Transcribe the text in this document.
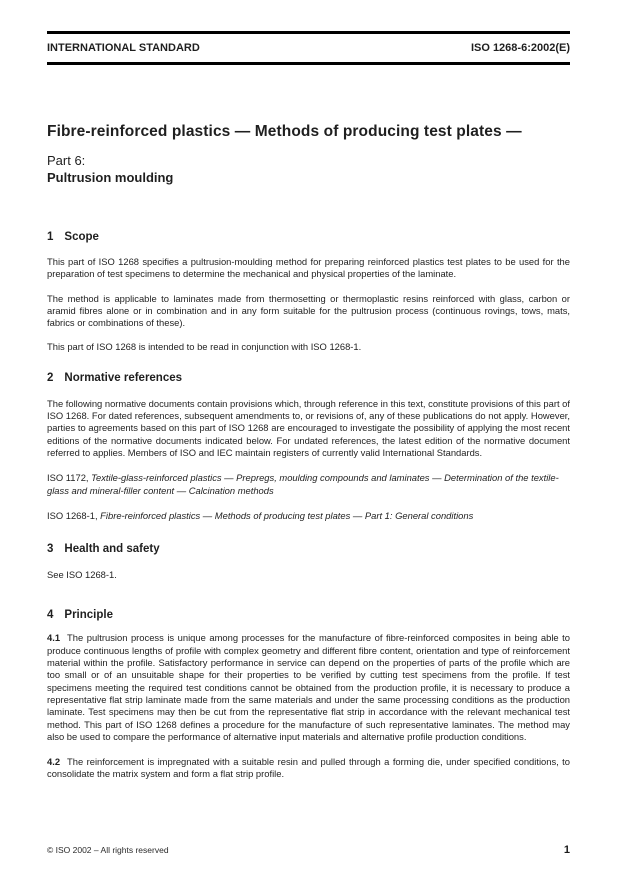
INTERNATIONAL STANDARD	ISO 1268-6:2002(E)
Fibre-reinforced plastics — Methods of producing test plates —
Part 6:
Pultrusion moulding
1 Scope

This part of ISO 1268 specifies a pultrusion-moulding method for preparing reinforced plastics test plates to be used for the preparation of test specimens to determine the mechanical and physical properties of the laminate.

The method is applicable to laminates made from thermosetting or thermoplastic resins reinforced with glass, carbon or aramid fibres alone or in combination and in any form suitable for the pultrusion process (continuous rovings, tows, mats, fabrics or combinations of these).

This part of ISO 1268 is intended to be read in conjunction with ISO 1268-1.

2 Normative references

The following normative documents contain provisions which, through reference in this text, constitute provisions of this part of ISO 1268. For dated references, subsequent amendments to, or revisions of, any of these publications do not apply. However, parties to agreements based on this part of ISO 1268 are encouraged to investigate the possibility of applying the most recent editions of the normative documents indicated below. For undated references, the latest edition of the normative document referred to applies. Members of ISO and IEC maintain registers of currently valid International Standards.

ISO 1172, Textile-glass-reinforced plastics — Prepregs, moulding compounds and laminates — Determination of the textile-glass and mineral-filler content — Calcination methods

ISO 1268-1, Fibre-reinforced plastics — Methods of producing test plates — Part 1: General conditions

3 Health and safety

See ISO 1268-1.

4 Principle

4.1 The pultrusion process is unique among processes for the manufacture of fibre-reinforced composites in being able to produce continuous lengths of profile with complex geometry and different fibre content, orientation and type of reinforcement material within the profile. Satisfactory performance in service can depend on the properties of parts of the profile which are too small or of an unsuitable shape for their properties to be verified by cutting test specimens from the profile. If test specimens meeting the required test conditions cannot be obtained from the production profile, it is necessary to produce a representative flat strip laminate made from the same materials and under the same processing conditions as the production laminate. Test specimens may then be cut from the representative flat strip in accordance with the relevant mechanical test method. This part of ISO 1268 defines a procedure for the manufacture of such representative laminates. The method may also be used to compare the performance of alternative input materials and alternative profile production conditions.

4.2 The reinforcement is impregnated with a suitable resin and pulled through a forming die, under specified conditions, to consolidate the matrix system and form a flat strip profile.

© ISO 2002 – All rights reserved	1
